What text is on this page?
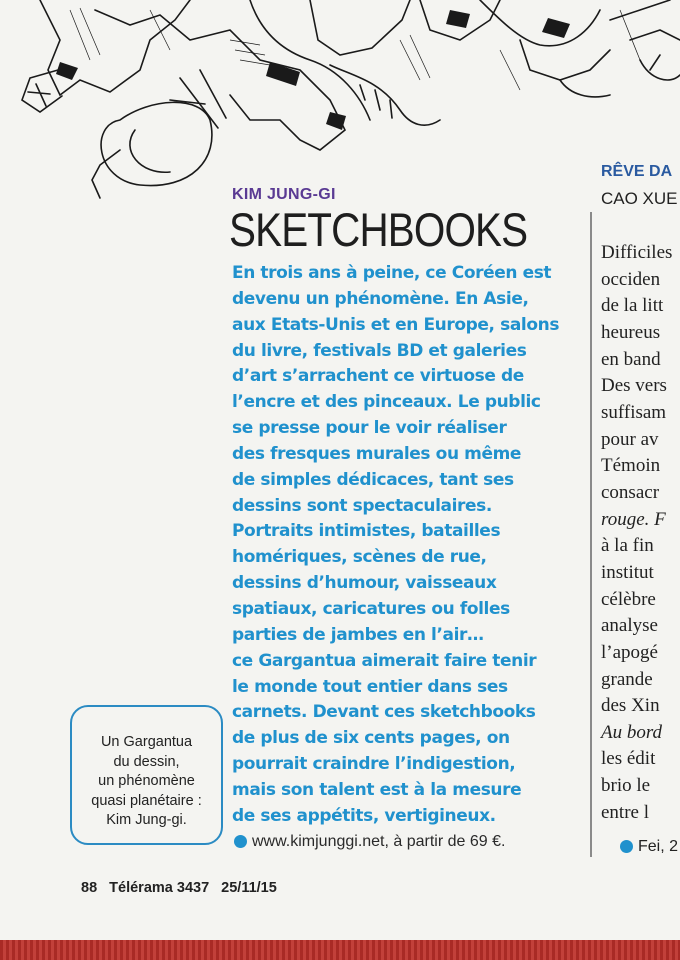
KIM JUNG-GI
SKETCHBOOKS
En trois ans à peine, ce Coréen est
devenu un phénomène. En Asie,
aux Etats-Unis et en Europe, salons
du livre, festivals BD et galeries
d’art s’arrachent ce virtuose de
l’encre et des pinceaux. Le public
se presse pour le voir réaliser
des fresques murales ou même
de simples dédicaces, tant ses
dessins sont spectaculaires.
Portraits intimistes, batailles
homériques, scènes de rue,
dessins d’humour, vaisseaux
spatiaux, caricatures ou folles
parties de jambes en l’air…
ce Gargantua aimerait faire tenir
le monde tout entier dans ses
carnets. Devant ces sketchbooks
de plus de six cents pages, on
pourrait craindre l’indigestion,
mais son talent est à la mesure
de ses appétits, vertigineux.
www.kimjunggi.net, à partir de 69 €.
Un Gargantua
du dessin,
un phénomène
quasi planétaire :
Kim Jung-gi.
RÊVE DA
CAO XUE
Difficiles
occiden
de la litt
heureus
en band
Des vers
suffisam
pour av
Témoin
consacr
rouge. F
à la fin
institut
célèbre
analyse
l’apogé
grande
des Xin
Au bord
les édit
brio le
entre l
Fei, 2
88 Télérama 3437 25/11/15
